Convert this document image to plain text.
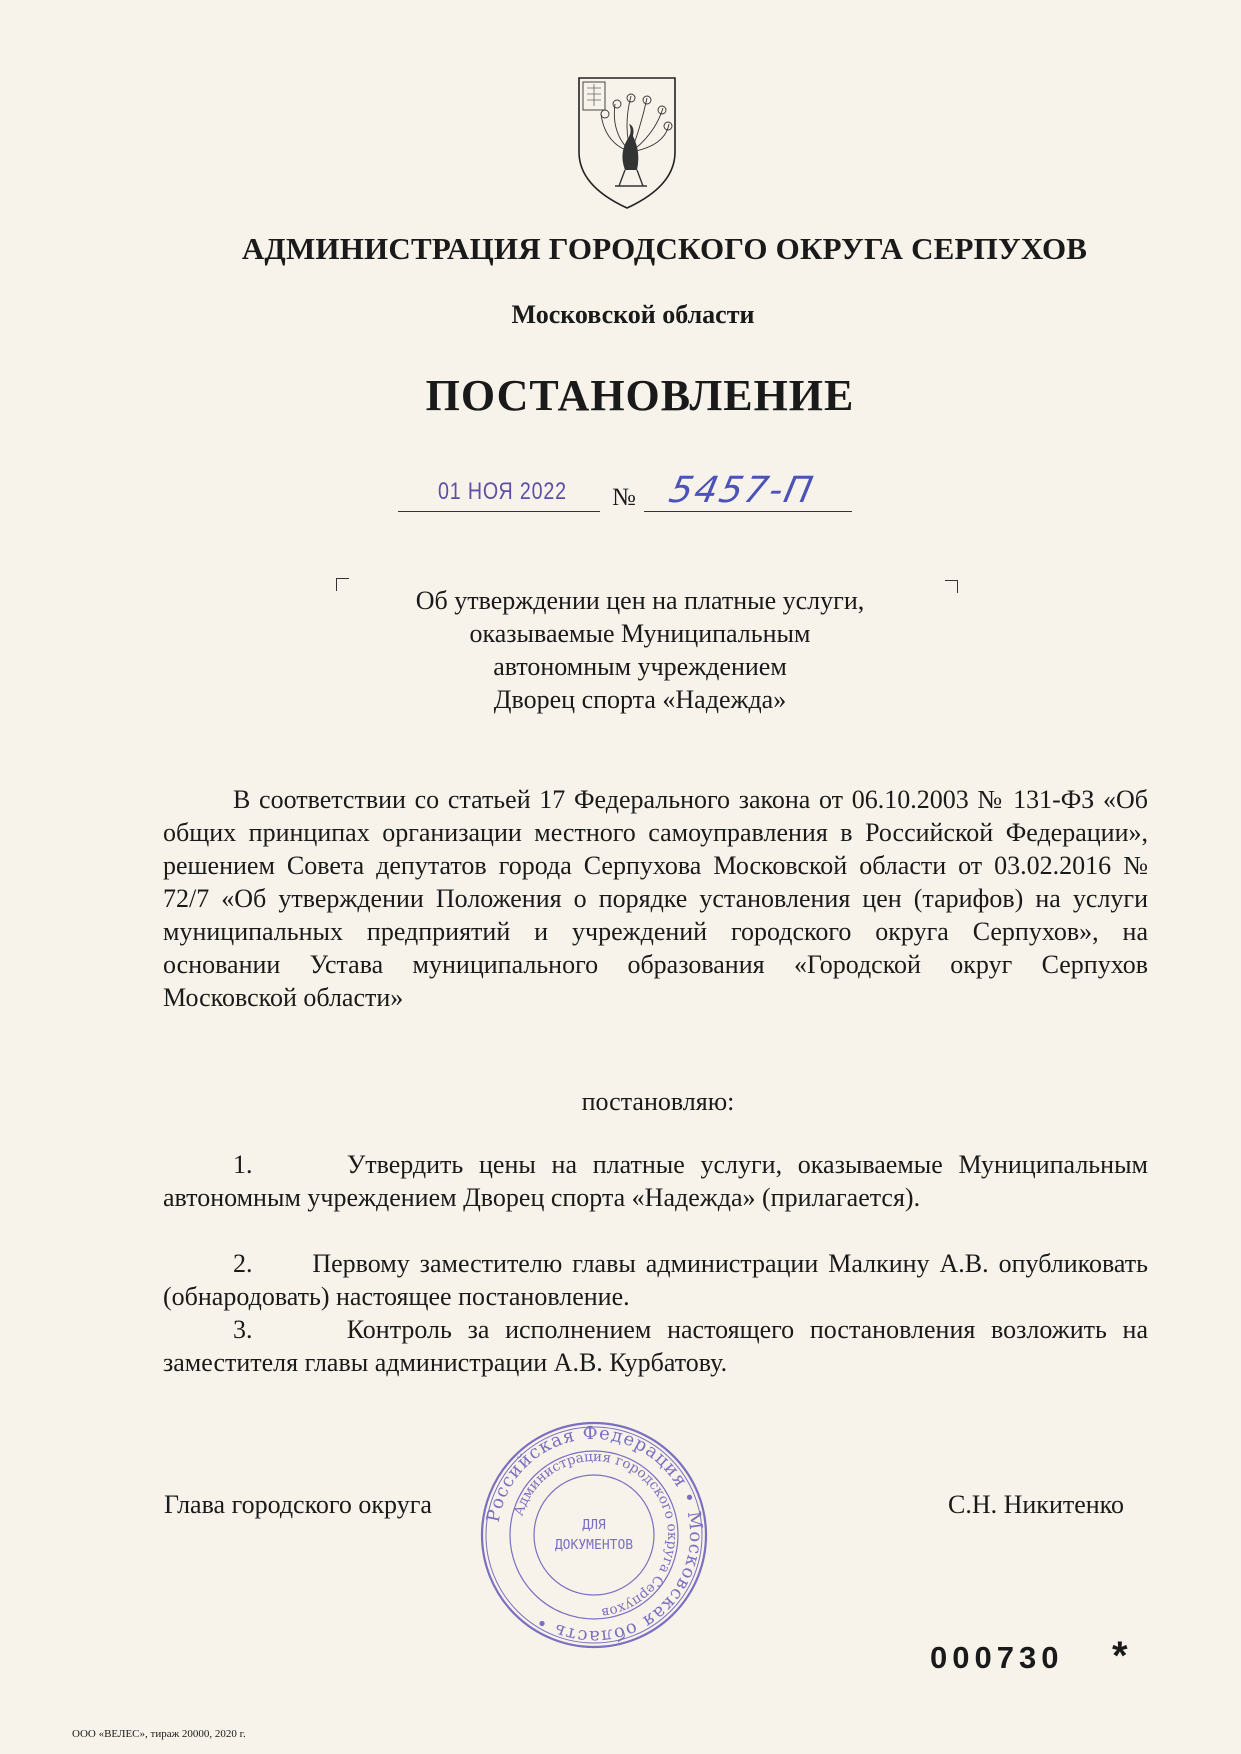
АДМИНИСТРАЦИЯ ГОРОДСКОГО ОКРУГА СЕРПУХОВ
Московской области
ПОСТАНОВЛЕНИЕ
01 НОЯ 2022 № 5457-П
Об утверждении цен на платные услуги,
оказываемые Муниципальным
автономным учреждением
Дворец спорта «Надежда»
В соответствии со статьей 17 Федерального закона от 06.10.2003 № 131-ФЗ «Об общих принципах организации местного самоуправления в Российской Федерации», решением Совета депутатов города Серпухова Московской области от 03.02.2016 № 72/7 «Об утверждении Положения о порядке установления цен (тарифов) на услуги муниципальных предприятий и учреждений городского округа Серпухов», на основании Устава муниципального образования «Городской округ Серпухов Московской области»
постановляю:
1.      Утвердить цены на платные услуги, оказываемые Муниципальным автономным учреждением Дворец спорта «Надежда» (прилагается).
2.      Первому заместителю главы администрации Малкину А.В. опубликовать (обнародовать) настоящее постановление.
3.      Контроль за исполнением настоящего постановления возложить на заместителя главы администрации А.В. Курбатову.
Глава городского округа	С.Н. Никитенко
Российская Федерация • Московская область •
Администрация городского округа Серпухов
ДЛЯ
ДОКУМЕНТОВ
000730 *
ООО «ВЕЛЕС», тираж 20000, 2020 г.
